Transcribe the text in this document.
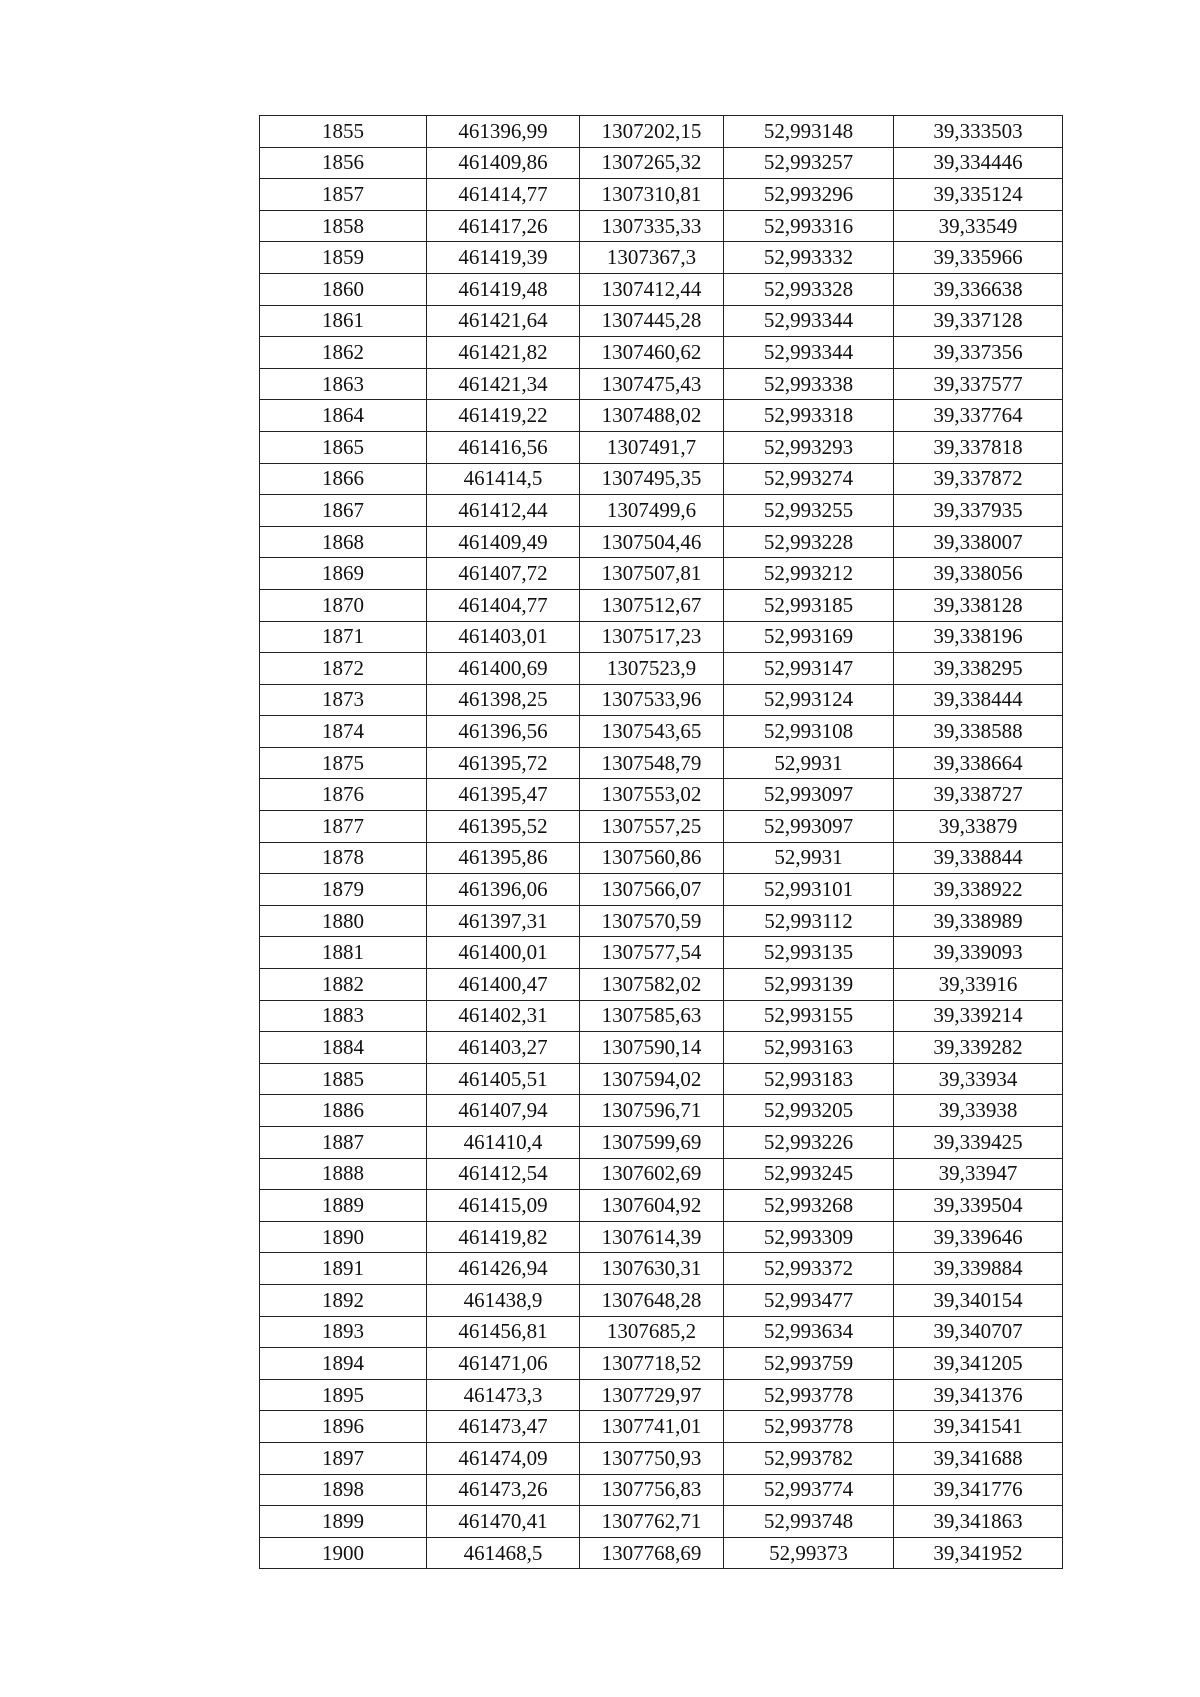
1855	461396,99	1307202,15	52,993148	39,333503
1856	461409,86	1307265,32	52,993257	39,334446
1857	461414,77	1307310,81	52,993296	39,335124
1858	461417,26	1307335,33	52,993316	39,33549
1859	461419,39	1307367,3	52,993332	39,335966
1860	461419,48	1307412,44	52,993328	39,336638
1861	461421,64	1307445,28	52,993344	39,337128
1862	461421,82	1307460,62	52,993344	39,337356
1863	461421,34	1307475,43	52,993338	39,337577
1864	461419,22	1307488,02	52,993318	39,337764
1865	461416,56	1307491,7	52,993293	39,337818
1866	461414,5	1307495,35	52,993274	39,337872
1867	461412,44	1307499,6	52,993255	39,337935
1868	461409,49	1307504,46	52,993228	39,338007
1869	461407,72	1307507,81	52,993212	39,338056
1870	461404,77	1307512,67	52,993185	39,338128
1871	461403,01	1307517,23	52,993169	39,338196
1872	461400,69	1307523,9	52,993147	39,338295
1873	461398,25	1307533,96	52,993124	39,338444
1874	461396,56	1307543,65	52,993108	39,338588
1875	461395,72	1307548,79	52,9931	39,338664
1876	461395,47	1307553,02	52,993097	39,338727
1877	461395,52	1307557,25	52,993097	39,33879
1878	461395,86	1307560,86	52,9931	39,338844
1879	461396,06	1307566,07	52,993101	39,338922
1880	461397,31	1307570,59	52,993112	39,338989
1881	461400,01	1307577,54	52,993135	39,339093
1882	461400,47	1307582,02	52,993139	39,33916
1883	461402,31	1307585,63	52,993155	39,339214
1884	461403,27	1307590,14	52,993163	39,339282
1885	461405,51	1307594,02	52,993183	39,33934
1886	461407,94	1307596,71	52,993205	39,33938
1887	461410,4	1307599,69	52,993226	39,339425
1888	461412,54	1307602,69	52,993245	39,33947
1889	461415,09	1307604,92	52,993268	39,339504
1890	461419,82	1307614,39	52,993309	39,339646
1891	461426,94	1307630,31	52,993372	39,339884
1892	461438,9	1307648,28	52,993477	39,340154
1893	461456,81	1307685,2	52,993634	39,340707
1894	461471,06	1307718,52	52,993759	39,341205
1895	461473,3	1307729,97	52,993778	39,341376
1896	461473,47	1307741,01	52,993778	39,341541
1897	461474,09	1307750,93	52,993782	39,341688
1898	461473,26	1307756,83	52,993774	39,341776
1899	461470,41	1307762,71	52,993748	39,341863
1900	461468,5	1307768,69	52,99373	39,341952
